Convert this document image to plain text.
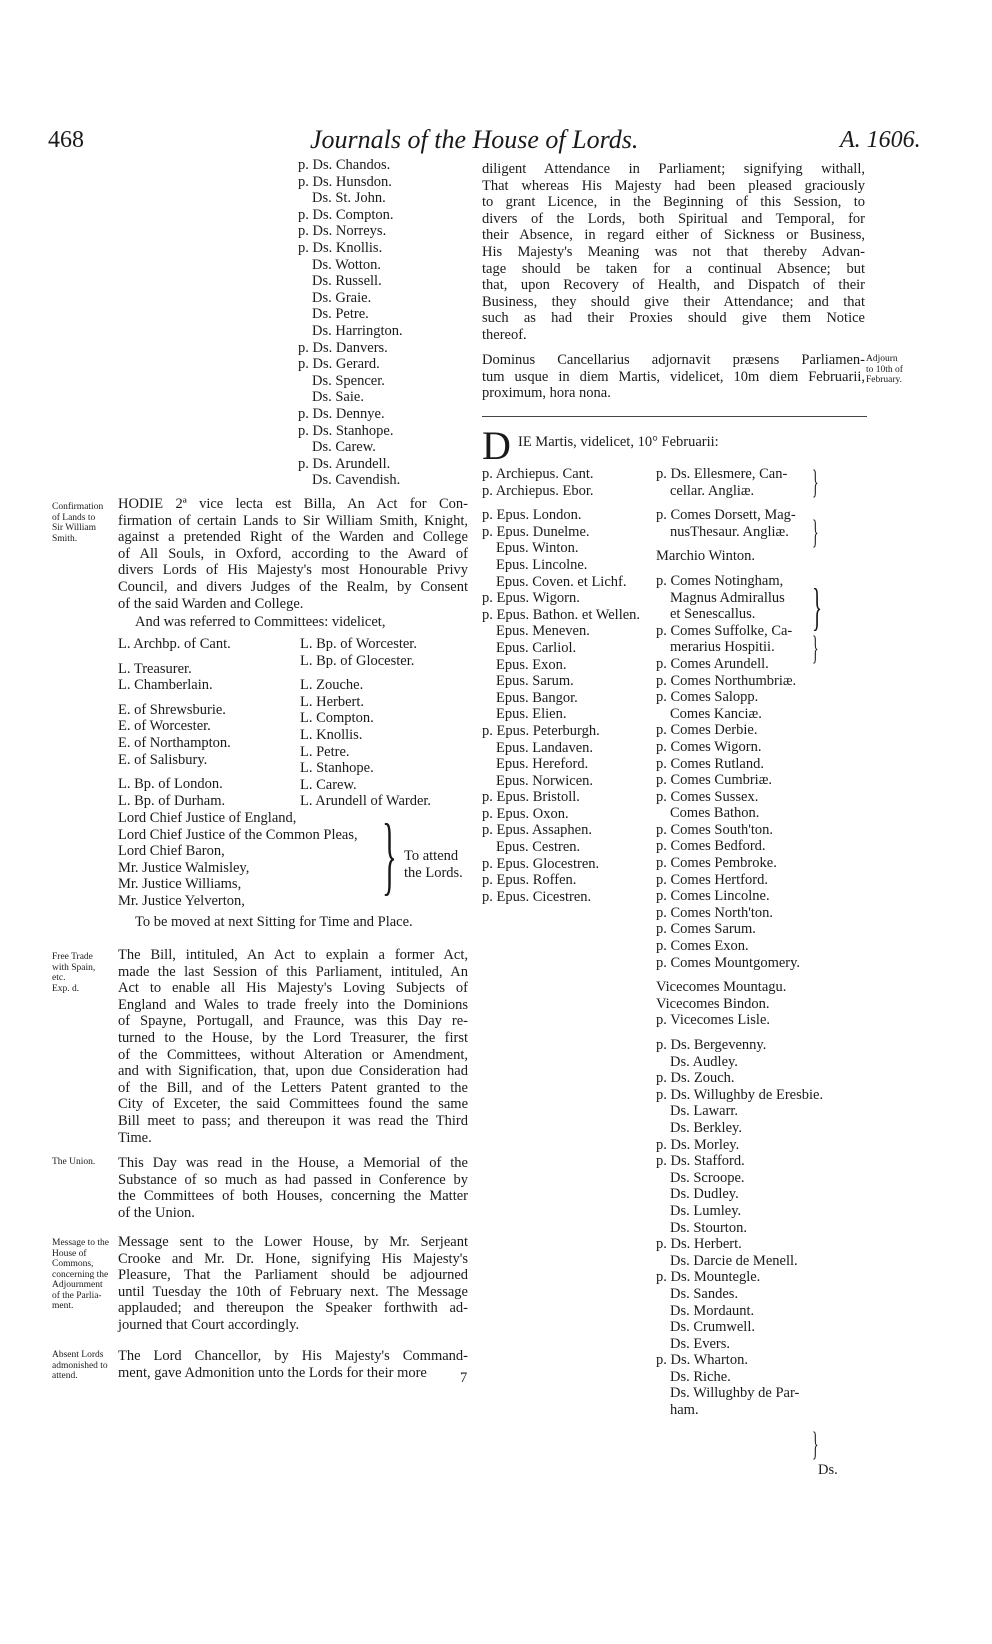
468	Journals of the House of Lords.	A. 1606.
p. Ds. Chandos.
p. Ds. Hunsdon.
Ds. St. John.
p. Ds. Compton.
p. Ds. Norreys.
p. Ds. Knollis.
Ds. Wotton.
Ds. Russell.
Ds. Graie.
Ds. Petre.
Ds. Harrington.
p. Ds. Danvers.
p. Ds. Gerard.
Ds. Spencer.
Ds. Saie.
p. Ds. Dennye.
p. Ds. Stanhope.
Ds. Carew.
p. Ds. Arundell.
Ds. Cavendish.
Confirmation
of Lands to
Sir William
Smith.
Free Trade
with Spain,
etc.
Exp. d.
The Union.
Message to the
House of
Commons,
concerning the
Adjournment
of the Parlia-
ment.
Absent Lords
admonished to
attend.
Adjourn
to 10th of
February.
HODIE 2ª vice lecta est Billa, An Act for Con-
firmation of certain Lands to Sir William Smith, Knight,
against a pretended Right of the Warden and College
of All Souls, in Oxford, according to the Award of
divers Lords of His Majesty's most Honourable Privy
Council, and divers Judges of the Realm, by Consent
of the said Warden and College.
And was referred to Committees: videlicet,
L. Archbp. of Cant.
L. Treasurer.
L. Chamberlain.
E. of Shrewsburie.
E. of Worcester.
E. of Northampton.
E. of Salisbury.
L. Bp. of London.
L. Bp. of Durham.
L. Bp. of Worcester.
L. Bp. of Glocester.
L. Zouche.
L. Herbert.
L. Compton.
L. Knollis.
L. Petre.
L. Stanhope.
L. Carew.
L. Arundell of Warder.
Lord Chief Justice of England,
Lord Chief Justice of the Common Pleas,
Lord Chief Baron,
Mr. Justice Walmisley,
Mr. Justice Williams,
Mr. Justice Yelverton,	} To attend
the Lords.
To be moved at next Sitting for Time and Place.
The Bill, intituled, An Act to explain a former Act,
made the last Session of this Parliament, intituled, An
Act to enable all His Majesty's Loving Subjects of
England and Wales to trade freely into the Dominions
of Spayne, Portugall, and Fraunce, was this Day re-
turned to the House, by the Lord Treasurer, the first
of the Committees, without Alteration or Amendment,
and with Signification, that, upon due Consideration had
of the Bill, and of the Letters Patent granted to the
City of Exceter, the said Committees found the same
Bill meet to pass; and thereupon it was read the Third
Time.
This Day was read in the House, a Memorial of the
Substance of so much as had passed in Conference by
the Committees of both Houses, concerning the Matter
of the Union.
Message sent to the Lower House, by Mr. Serjeant
Crooke and Mr. Dr. Hone, signifying His Majesty's
Pleasure, That the Parliament should be adjourned
until Tuesday the 10th of February next. The Message
applauded; and thereupon the Speaker forthwith ad-
journed that Court accordingly.
The Lord Chancellor, by His Majesty's Command-
ment, gave Admonition unto the Lords for their more	7
diligent Attendance in Parliament; signifying withall,
That whereas His Majesty had been pleased graciously
to grant Licence, in the Beginning of this Session, to
divers of the Lords, both Spiritual and Temporal, for
their Absence, in regard either of Sickness or Business,
His Majesty's Meaning was not that thereby Advan-
tage should be taken for a continual Absence; but
that, upon Recovery of Health, and Dispatch of their
Business, they should give their Attendance; and that
such as had their Proxies should give them Notice
thereof.
Dominus Cancellarius adjornavit præsens Parliamen-
tum usque in diem Martis, videlicet, 10m diem Februarii,
proximum, hora nona.
D IE Martis, videlicet, 10° Februarii:
p. Archiepus. Cant.
p. Archiepus. Ebor.

p. Epus. London.
p. Epus. Dunelme.
Epus. Winton.
Epus. Lincolne.
Epus. Coven. et Lichf.
p. Epus. Wigorn.
p. Epus. Bathon. et Wellen.
Epus. Meneven.
Epus. Carliol.
Epus. Exon.
Epus. Sarum.
Epus. Bangor.
Epus. Elien.
p. Epus. Peterburgh.
Epus. Landaven.
Epus. Hereford.
Epus. Norwicen.
p. Epus. Bristoll.
p. Epus. Oxon.
p. Epus. Assaphen.
Epus. Cestren.
p. Epus. Glocestren.
p. Epus. Roffen.
p. Epus. Cicestren.
p. Ds. Ellesmere, Can-
cellar. Angliæ.

p. Comes Dorsett, Mag-
nusThesaur. Angliæ.

Marchio Winton.

p. Comes Notingham,
Magnus Admirallus
et Senescallus.
p. Comes Suffolke, Ca-
merarius Hospitii.
p. Comes Arundell.
p. Comes Northumbriæ.
p. Comes Salopp.
Comes Kanciæ.
p. Comes Derbie.
p. Comes Wigorn.
p. Comes Rutland.
p. Comes Cumbriæ.
p. Comes Sussex.
Comes Bathon.
p. Comes South'ton.
p. Comes Bedford.
p. Comes Pembroke.
p. Comes Hertford.
p. Comes Lincolne.
p. Comes North'ton.
p. Comes Sarum.
p. Comes Exon.
p. Comes Mountgomery.

Vicecomes Mountagu.
Vicecomes Bindon.
p. Vicecomes Lisle.

p. Ds. Bergevenny.
Ds. Audley.
p. Ds. Zouch.
p. Ds. Willughby de Eresbie.
Ds. Lawarr.
Ds. Berkley.
p. Ds. Morley.
p. Ds. Stafford.
Ds. Scroope.
Ds. Dudley.
Ds. Lumley.
Ds. Stourton.
p. Ds. Herbert.
Ds. Darcie de Menell.
p. Ds. Mountegle.
Ds. Sandes.
Ds. Mordaunt.
Ds. Crumwell.
Ds. Evers.
p. Ds. Wharton.
Ds. Riche.
Ds. Willughby de Par-
ham.
}
}
}
}
}
Ds.
